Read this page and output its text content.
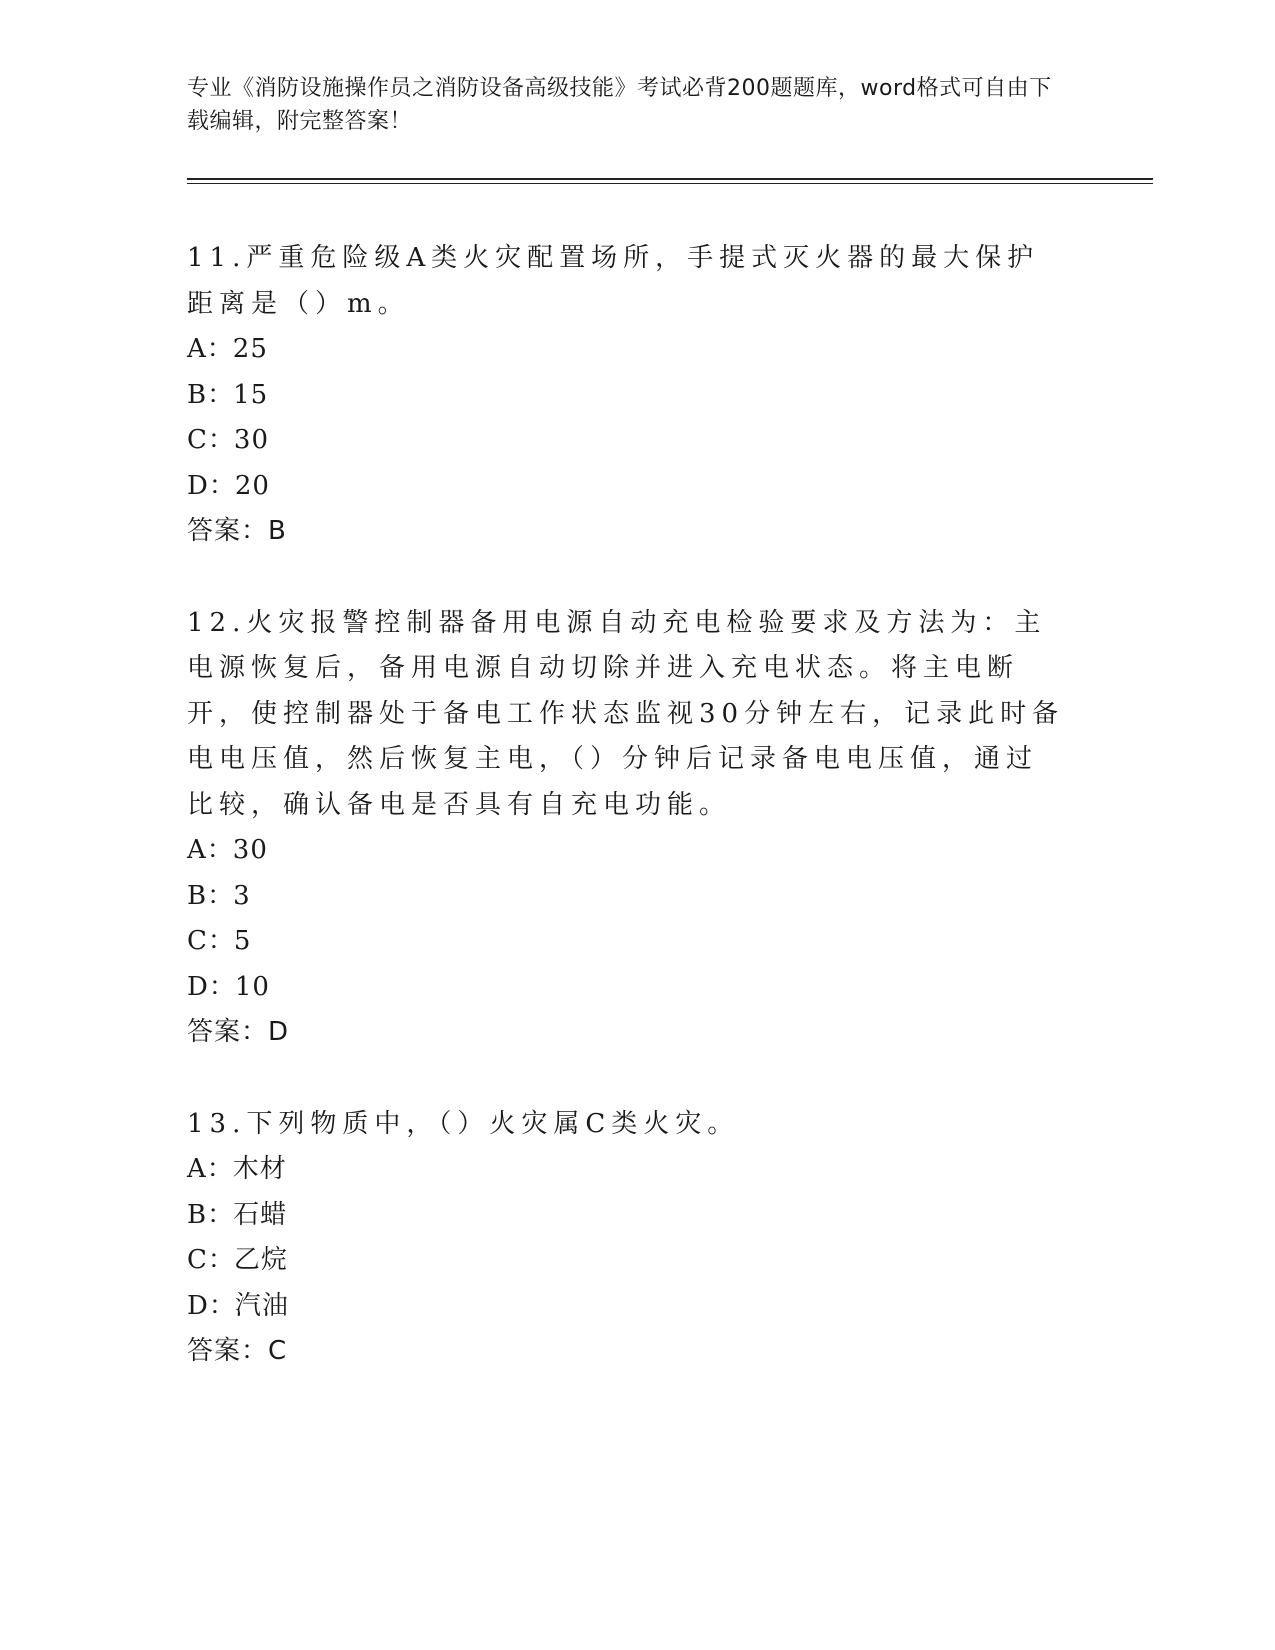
专业《消防设施操作员之消防设备高级技能》考试必背200题题库，word格式可自由下载编辑，附完整答案！

11.严重危险级A类火灾配置场所，手提式灭火器的最大保护距离是（）m。

A：25
B：15
C：30
D：20
答案：B

12.火灾报警控制器备用电源自动充电检验要求及方法为：主电源恢复后，备用电源自动切除并进入充电状态。将主电断开，使控制器处于备电工作状态监视30分钟左右，记录此时备电电压值，然后恢复主电，（）分钟后记录备电电压值，通过比较，确认备电是否具有自充电功能。

A：30
B：3
C：5
D：10
答案：D

13.下列物质中，（）火灾属C类火灾。

A：木材
B：石蜡
C：乙烷
D：汽油
答案：C
